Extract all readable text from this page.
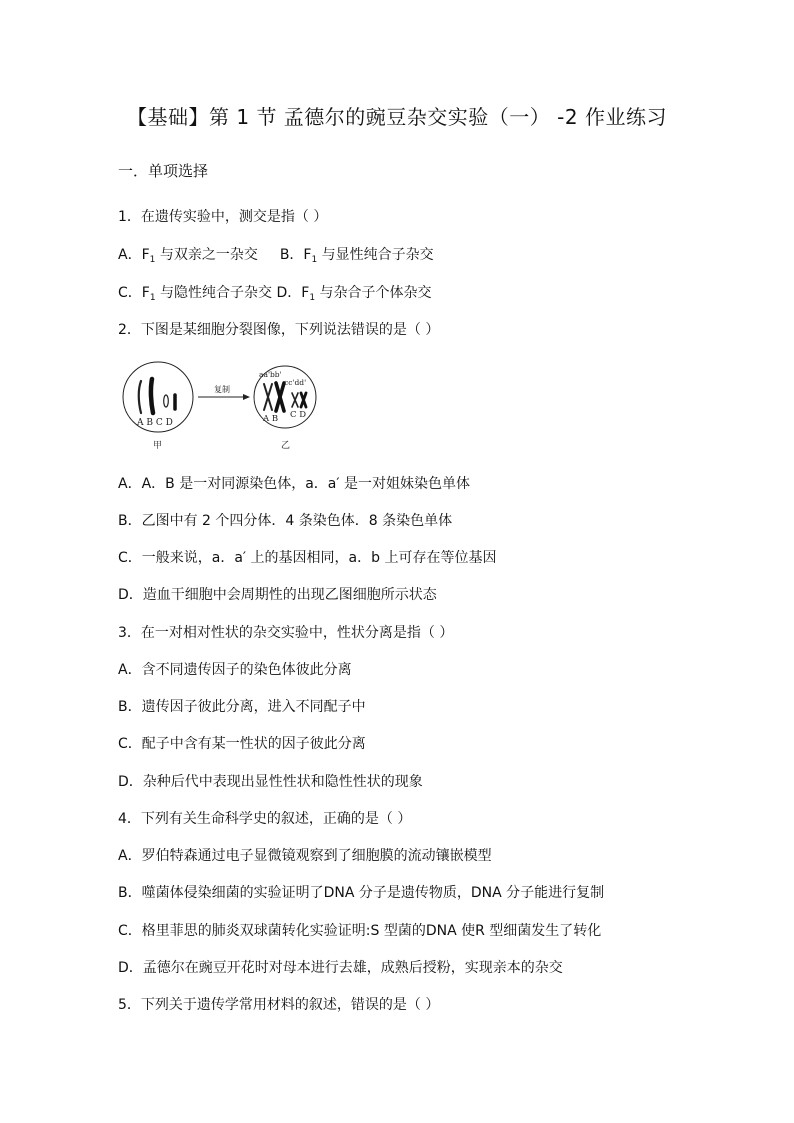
【基础】第 1 节 孟德尔的豌豆杂交实验（一） -2 作业练习
一．单项选择
1．在遗传实验中，测交是指（ ）
A．$F_1$ 与双亲之一杂交 B．$F_1$ 与显性纯合子杂交
C．$F_1$ 与隐性纯合子杂交 D．$F_1$ 与杂合子个体杂交
2．下图是某细胞分裂图像，下列说法错误的是（ ）
A B C D
甲
复制
aa'bb'
cc'dd'
A B C D
乙
A．A．B 是一对同源染色体，a．a′ 是一对姐妹染色单体
B．乙图中有 2 个四分体．4 条染色体．8 条染色单体
C．一般来说，a．a′ 上的基因相同，a．b 上可存在等位基因
D．造血干细胞中会周期性的出现乙图细胞所示状态
3．在一对相对性状的杂交实验中，性状分离是指（ ）
A．含不同遗传因子的染色体彼此分离
B．遗传因子彼此分离，进入不同配子中
C．配子中含有某一性状的因子彼此分离
D．杂种后代中表现出显性性状和隐性性状的现象
4．下列有关生命科学史的叙述，正确的是（ ）
A．罗伯特森通过电子显微镜观察到了细胞膜的流动镶嵌模型
B．噬菌体侵染细菌的实验证明了DNA 分子是遗传物质，DNA 分子能进行复制
C．格里菲思的肺炎双球菌转化实验证明:S 型菌的DNA 使R 型细菌发生了转化
D．孟德尔在豌豆开花时对母本进行去雄，成熟后授粉，实现亲本的杂交
5．下列关于遗传学常用材料的叙述，错误的是（ ）
